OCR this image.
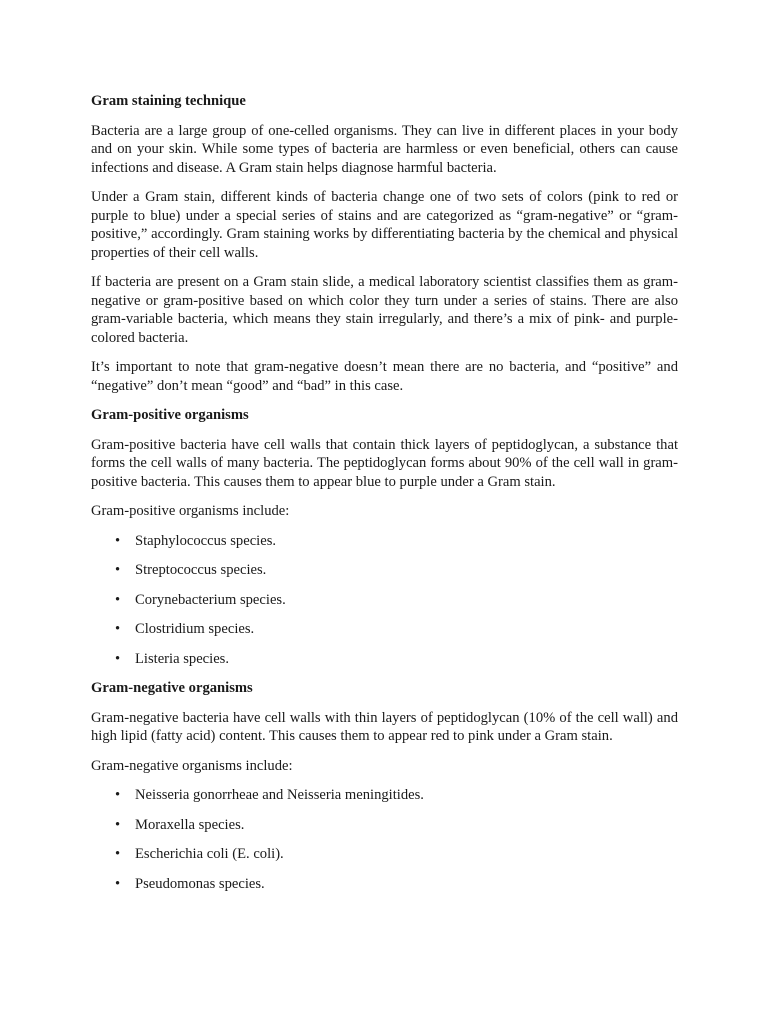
Gram staining technique

Bacteria are a large group of one-celled organisms. They can live in different places in your body and on your skin. While some types of bacteria are harmless or even beneficial, others can cause infections and disease. A Gram stain helps diagnose harmful bacteria.

Under a Gram stain, different kinds of bacteria change one of two sets of colors (pink to red or purple to blue) under a special series of stains and are categorized as “gram-negative” or “gram-positive,” accordingly. Gram staining works by differentiating bacteria by the chemical and physical properties of their cell walls.

If bacteria are present on a Gram stain slide, a medical laboratory scientist classifies them as gram-negative or gram-positive based on which color they turn under a series of stains. There are also gram-variable bacteria, which means they stain irregularly, and there’s a mix of pink- and purple-colored bacteria.

It’s important to note that gram-negative doesn’t mean there are no bacteria, and “positive” and “negative” don’t mean “good” and “bad” in this case.

Gram-positive organisms

Gram-positive bacteria have cell walls that contain thick layers of peptidoglycan, a substance that forms the cell walls of many bacteria. The peptidoglycan forms about 90% of the cell wall in gram-positive bacteria. This causes them to appear blue to purple under a Gram stain.

Gram-positive organisms include:

• Staphylococcus species.
• Streptococcus species.
• Corynebacterium species.
• Clostridium species.
• Listeria species.
Gram-negative organisms

Gram-negative bacteria have cell walls with thin layers of peptidoglycan (10% of the cell wall) and high lipid (fatty acid) content. This causes them to appear red to pink under a Gram stain.

Gram-negative organisms include:

• Neisseria gonorrheae and Neisseria meningitides.
• Moraxella species.
• Escherichia coli (E. coli).
• Pseudomonas species.
